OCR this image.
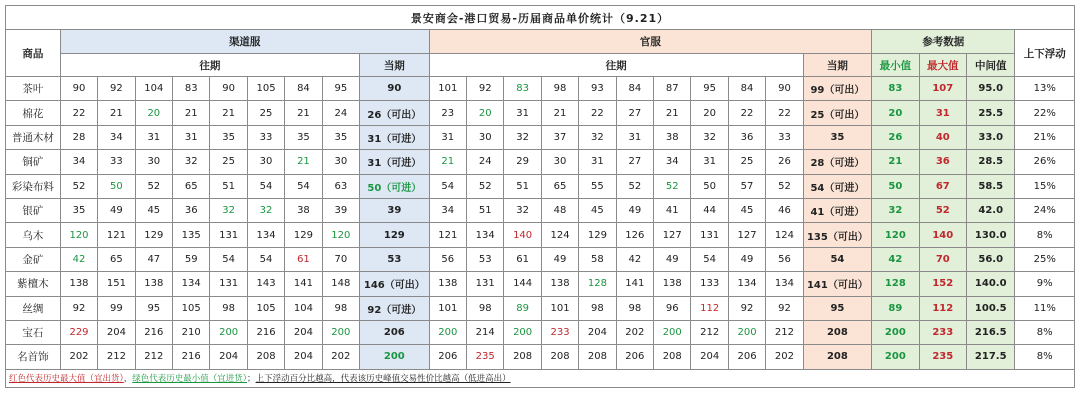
景安商会-港口贸易-历届商品单价统计（9.21）																								
商品	渠道服									官服											参考数据			上下浮动
	往期								当期	往期										当期	最小值	最大值	中间值	
茶叶	90	92	104	83	90	105	84	95	90	101	92	83	98	93	84	87	95	84	90	99（可出）	83	107	95.0	13%
棉花	22	21	20	21	21	25	21	24	26（可出）	23	20	31	21	22	27	21	20	22	22	25（可出）	20	31	25.5	22%
普通木材	28	34	31	31	35	33	35	35	31（可进）	31	30	32	37	32	31	38	32	36	33	35	26	40	33.0	21%
铜矿	34	33	30	32	25	30	21	30	31（可进）	21	24	29	30	31	27	34	31	25	26	28（可进）	21	36	28.5	26%
彩染布料	52	50	52	65	51	54	54	63	50（可进）	54	52	51	65	55	52	52	50	57	52	54（可进）	50	67	58.5	15%
银矿	35	49	45	36	32	32	38	39	39	34	51	32	48	45	49	41	44	45	46	41（可进）	32	52	42.0	24%
乌木	120	121	129	135	131	134	129	120	129	121	134	140	124	129	126	127	131	127	124	135（可出）	120	140	130.0	8%
金矿	42	65	47	59	54	54	61	70	53	56	53	61	49	58	42	49	54	49	56	54	42	70	56.0	25%
紫檀木	138	151	138	134	131	143	141	148	146（可出）	138	131	144	138	128	141	138	133	134	134	141（可出）	128	152	140.0	9%
丝绸	92	99	95	105	98	105	104	98	92（可进）	101	98	89	101	98	98	96	112	92	92	95	89	112	100.5	11%
宝石	229	204	216	210	200	216	204	200	206	200	214	200	233	204	202	200	212	200	212	208	200	233	216.5	8%
名首饰	202	212	212	216	204	208	204	202	200	206	235	208	208	208	206	208	204	206	202	208	200	235	217.5	8%
红色代表历史最大值（宜出货），绿色代表历史最小值（宜进货）；上下浮动百分比越高，代表该历史峰值交易性价比越高（低进高出）																								
